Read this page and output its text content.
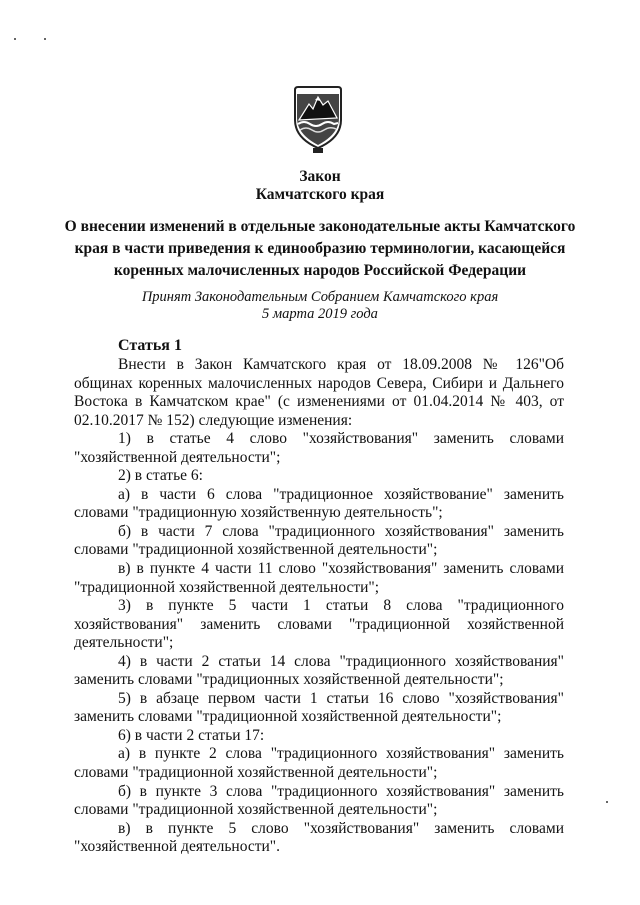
Закон
Камчатского края
О внесении изменений в отдельные законодательные акты Камчатского
края в части приведения к единообразию терминологии, касающейся
коренных малочисленных народов Российской Федерации
Принят Законодательным Собранием Камчатского края
5 марта 2019 года
Статья 1

Внести в Закон Камчатского края от 18.09.2008 № 126"Об общинах коренных малочисленных народов Севера, Сибири и Дальнего Востока в Камчатском крае" (с изменениями от 01.04.2014 № 403, от 02.10.2017 № 152) следующие изменения:

1) в статье 4 слово "хозяйствования" заменить словами "хозяйственной деятельности";

2) в статье 6:

а) в части 6 слова "традиционное хозяйствование" заменить словами "традиционную хозяйственную деятельность";

б) в части 7 слова "традиционного хозяйствования" заменить словами "традиционной хозяйственной деятельности";

в) в пункте 4 части 11 слово "хозяйствования" заменить словами "традиционной хозяйственной деятельности";

3) в пункте 5 части 1 статьи 8 слова "традиционного хозяйствования" заменить словами "традиционной хозяйственной деятельности";

4) в части 2 статьи 14 слова "традиционного хозяйствования" заменить словами "традиционных хозяйственной деятельности";

5) в абзаце первом части 1 статьи 16 слово "хозяйствования" заменить словами "традиционной хозяйственной деятельности";

6) в части 2 статьи 17:

а) в пункте 2 слова "традиционного хозяйствования" заменить словами "традиционной хозяйственной деятельности";

б) в пункте 3 слова "традиционного хозяйствования" заменить словами "традиционной хозяйственной деятельности";

в) в пункте 5 слово "хозяйствования" заменить словами "хозяйственной деятельности".
